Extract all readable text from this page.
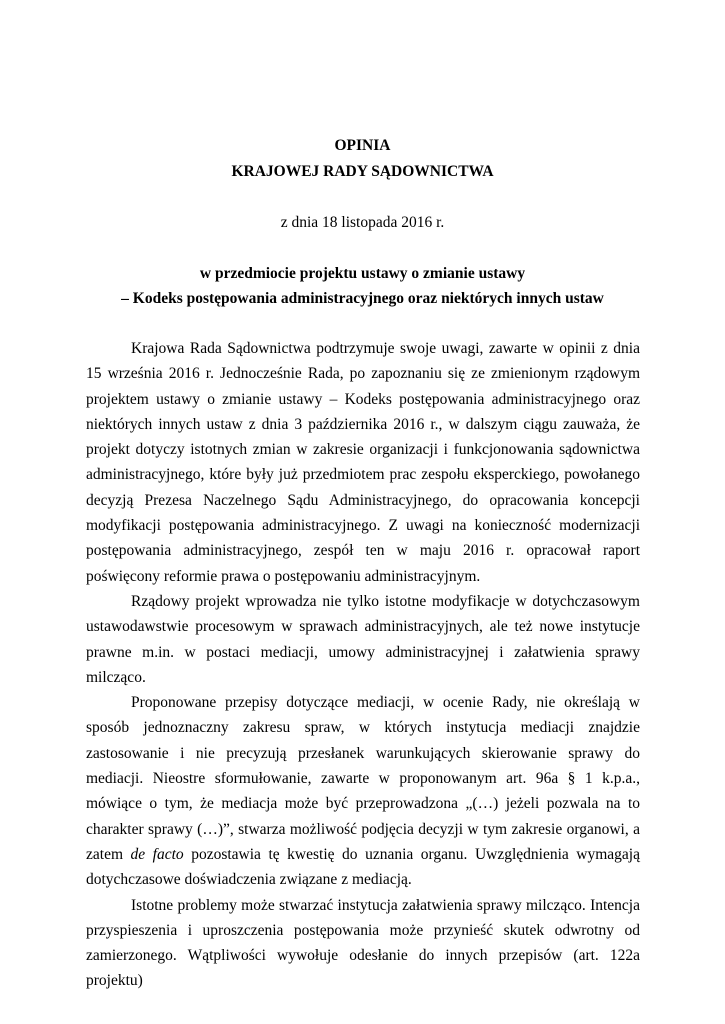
OPINIA
KRAJOWEJ RADY SĄDOWNICTWA
z dnia 18 listopada 2016 r.
w przedmiocie projektu ustawy o zmianie ustawy
– Kodeks postępowania administracyjnego oraz niektórych innych ustaw

Krajowa Rada Sądownictwa podtrzymuje swoje uwagi, zawarte w opinii z dnia 15 września 2016 r. Jednocześnie Rada, po zapoznaniu się ze zmienionym rządowym projektem ustawy o zmianie ustawy – Kodeks postępowania administracyjnego oraz niektórych innych ustaw z dnia 3 października 2016 r., w dalszym ciągu zauważa, że projekt dotyczy istotnych zmian w zakresie organizacji i funkcjonowania sądownictwa administracyjnego, które były już przedmiotem prac zespołu eksperckiego, powołanego decyzją Prezesa Naczelnego Sądu Administracyjnego, do opracowania koncepcji modyfikacji postępowania administracyjnego. Z uwagi na konieczność modernizacji postępowania administracyjnego, zespół ten w maju 2016 r. opracował raport poświęcony reformie prawa o postępowaniu administracyjnym.

Rządowy projekt wprowadza nie tylko istotne modyfikacje w dotychczasowym ustawodawstwie procesowym w sprawach administracyjnych, ale też nowe instytucje prawne m.in. w postaci mediacji, umowy administracyjnej i załatwienia sprawy milcząco.

Proponowane przepisy dotyczące mediacji, w ocenie Rady, nie określają w sposób jednoznaczny zakresu spraw, w których instytucja mediacji znajdzie zastosowanie i nie precyzują przesłanek warunkujących skierowanie sprawy do mediacji. Nieostre sformułowanie, zawarte w proponowanym art. 96a § 1 k.p.a., mówiące o tym, że mediacja może być przeprowadzona „(…) jeżeli pozwala na to charakter sprawy (…)”, stwarza możliwość podjęcia decyzji w tym zakresie organowi, a zatem de facto pozostawia tę kwestię do uznania organu. Uwzględnienia wymagają dotychczasowe doświadczenia związane z mediacją.

Istotne problemy może stwarzać instytucja załatwienia sprawy milcząco. Intencja przyspieszenia i uproszczenia postępowania może przynieść skutek odwrotny od zamierzonego. Wątpliwości wywołuje odesłanie do innych przepisów (art. 122a projektu)
